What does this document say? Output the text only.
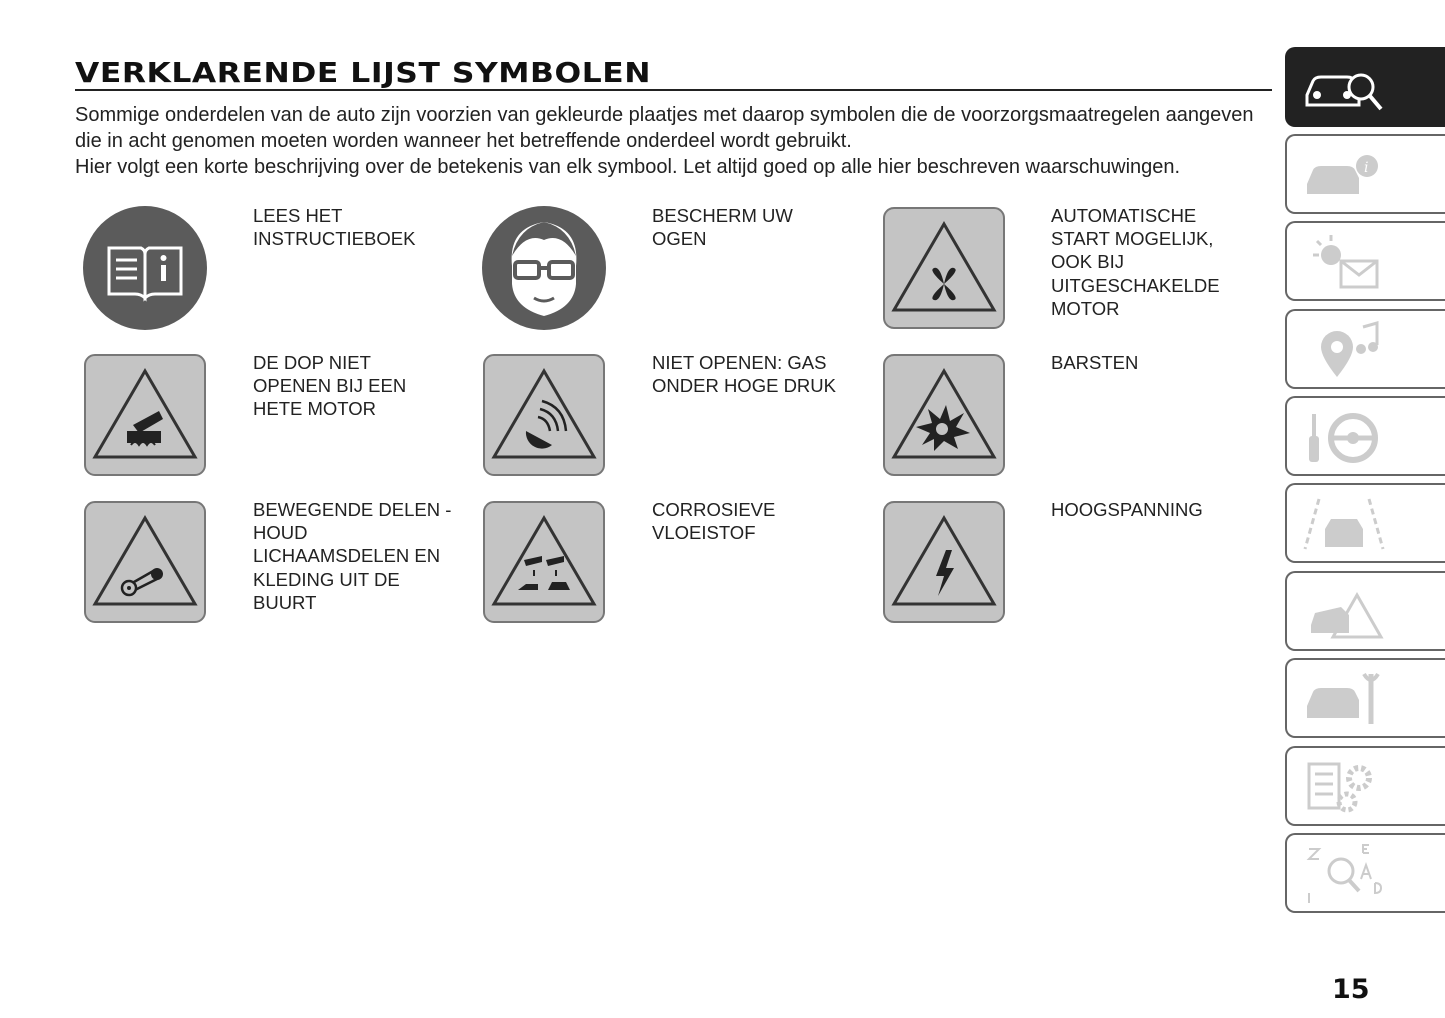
VERKLARENDE LIJST SYMBOLEN

Sommige onderdelen van de auto zijn voorzien van gekleurde plaatjes met daarop symbolen die de voorzorgsmaatregelen aangeven die in acht genomen moeten worden wanneer het betreffende onderdeel wordt gebruikt.

Hier volgt een korte beschrijving over de betekenis van elk symbool. Let altijd goed op alle hier beschreven waarschuwingen.

LEES HET INSTRUCTIEBOEK
BESCHERM UW OGEN
AUTOMATISCHE START MOGELIJK, OOK BIJ UITGESCHAKELDE MOTOR
DE DOP NIET OPENEN BIJ EEN HETE MOTOR
NIET OPENEN: GAS ONDER HOGE DRUK
BARSTEN
BEWEGENDE DELEN - HOUD LICHAAMSDELEN EN KLEDING UIT DE BUURT
CORROSIEVE VLOEISTOF
HOOGSPANNING
i
15
